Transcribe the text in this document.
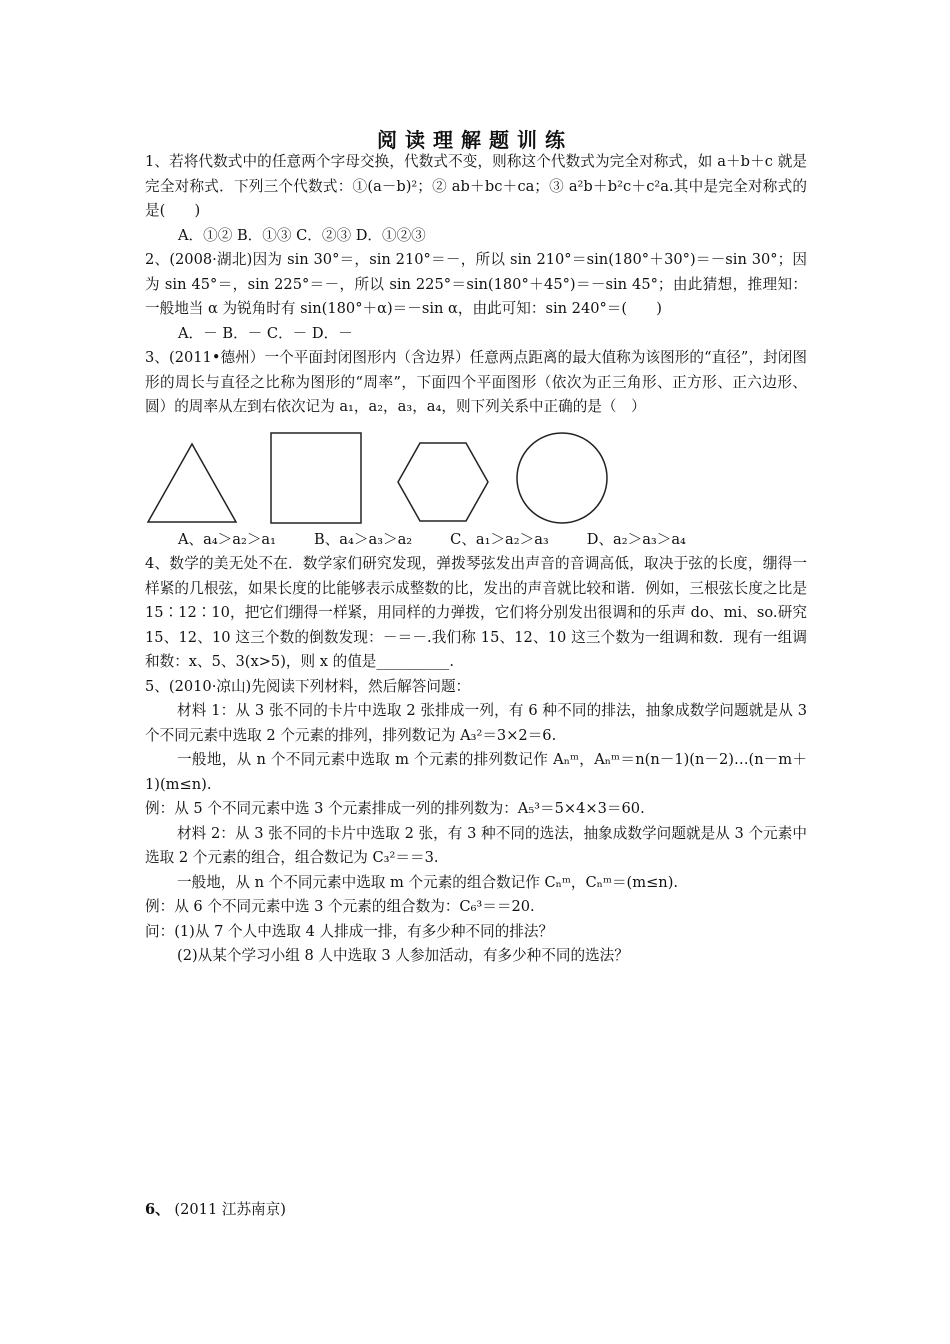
阅读理解题训练

1、若将代数式中的任意两个字母交换，代数式不变，则称这个代数式为完全对称式，如 a＋b＋c 就是完全对称式．下列三个代数式：①(a－b)²；② ab＋bc＋ca；③ a²b＋b²c＋c²a.其中是完全对称式的是(　　)

A．①② B．①③ C．②③ D．①②③

2、(2008·湖北)因为 sin 30°＝，sin 210°＝－，所以 sin 210°＝sin(180°＋30°)＝－sin 30°；因为 sin 45°＝，sin 225°＝－，所以 sin 225°＝sin(180°＋45°)＝－sin 45°；由此猜想，推理知：一般地当 α 为锐角时有 sin(180°＋α)＝－sin α，由此可知：sin 240°＝(　　)

A．－ B．－ C．－ D．－

3、(2011•德州）一个平面封闭图形内（含边界）任意两点距离的最大值称为该图形的“直径”，封闭图形的周长与直径之比称为图形的“周率”，下面四个平面图形（依次为正三角形、正方形、正六边形、圆）的周率从左到右依次记为 a₁，a₂，a₃，a₄，则下列关系中正确的是（　）

A、a₄＞a₂＞a₁	B、a₄＞a₃＞a₂	C、a₁＞a₂＞a₃	D、a₂＞a₃＞a₄

4、数学的美无处不在．数学家们研究发现，弹拨琴弦发出声音的音调高低，取决于弦的长度，绷得一样紧的几根弦，如果长度的比能够表示成整数的比，发出的声音就比较和谐．例如，三根弦长度之比是 15∶12∶10，把它们绷得一样紧，用同样的力弹拨，它们将分别发出很调和的乐声 do、mi、so.研究 15、12、10 这三个数的倒数发现：－＝－.我们称 15、12、10 这三个数为一组调和数．现有一组调和数：x、5、3(x>5)，则 x 的值是__________.

5、(2010·凉山)先阅读下列材料，然后解答问题：

材料 1：从 3 张不同的卡片中选取 2 张排成一列，有 6 种不同的排法，抽象成数学问题就是从 3 个不同元素中选取 2 个元素的排列，排列数记为 A₃²＝3×2＝6.

一般地，从 n 个不同元素中选取 m 个元素的排列数记作 Aₙᵐ，Aₙᵐ＝n(n－1)(n－2)…(n－m＋1)(m≤n).

例：从 5 个不同元素中选 3 个元素排成一列的排列数为：A₅³＝5×4×3＝60.

材料 2：从 3 张不同的卡片中选取 2 张，有 3 种不同的选法，抽象成数学问题就是从 3 个元素中选取 2 个元素的组合，组合数记为 C₃²＝＝3.

一般地，从 n 个不同元素中选取 m 个元素的组合数记作 Cₙᵐ，Cₙᵐ＝(m≤n).

例：从 6 个不同元素中选 3 个元素的组合数为：C₆³＝＝20.

问：(1)从 7 个人中选取 4 人排成一排，有多少种不同的排法？

(2)从某个学习小组 8 人中选取 3 人参加活动，有多少种不同的选法？

6、 (2011 江苏南京)
